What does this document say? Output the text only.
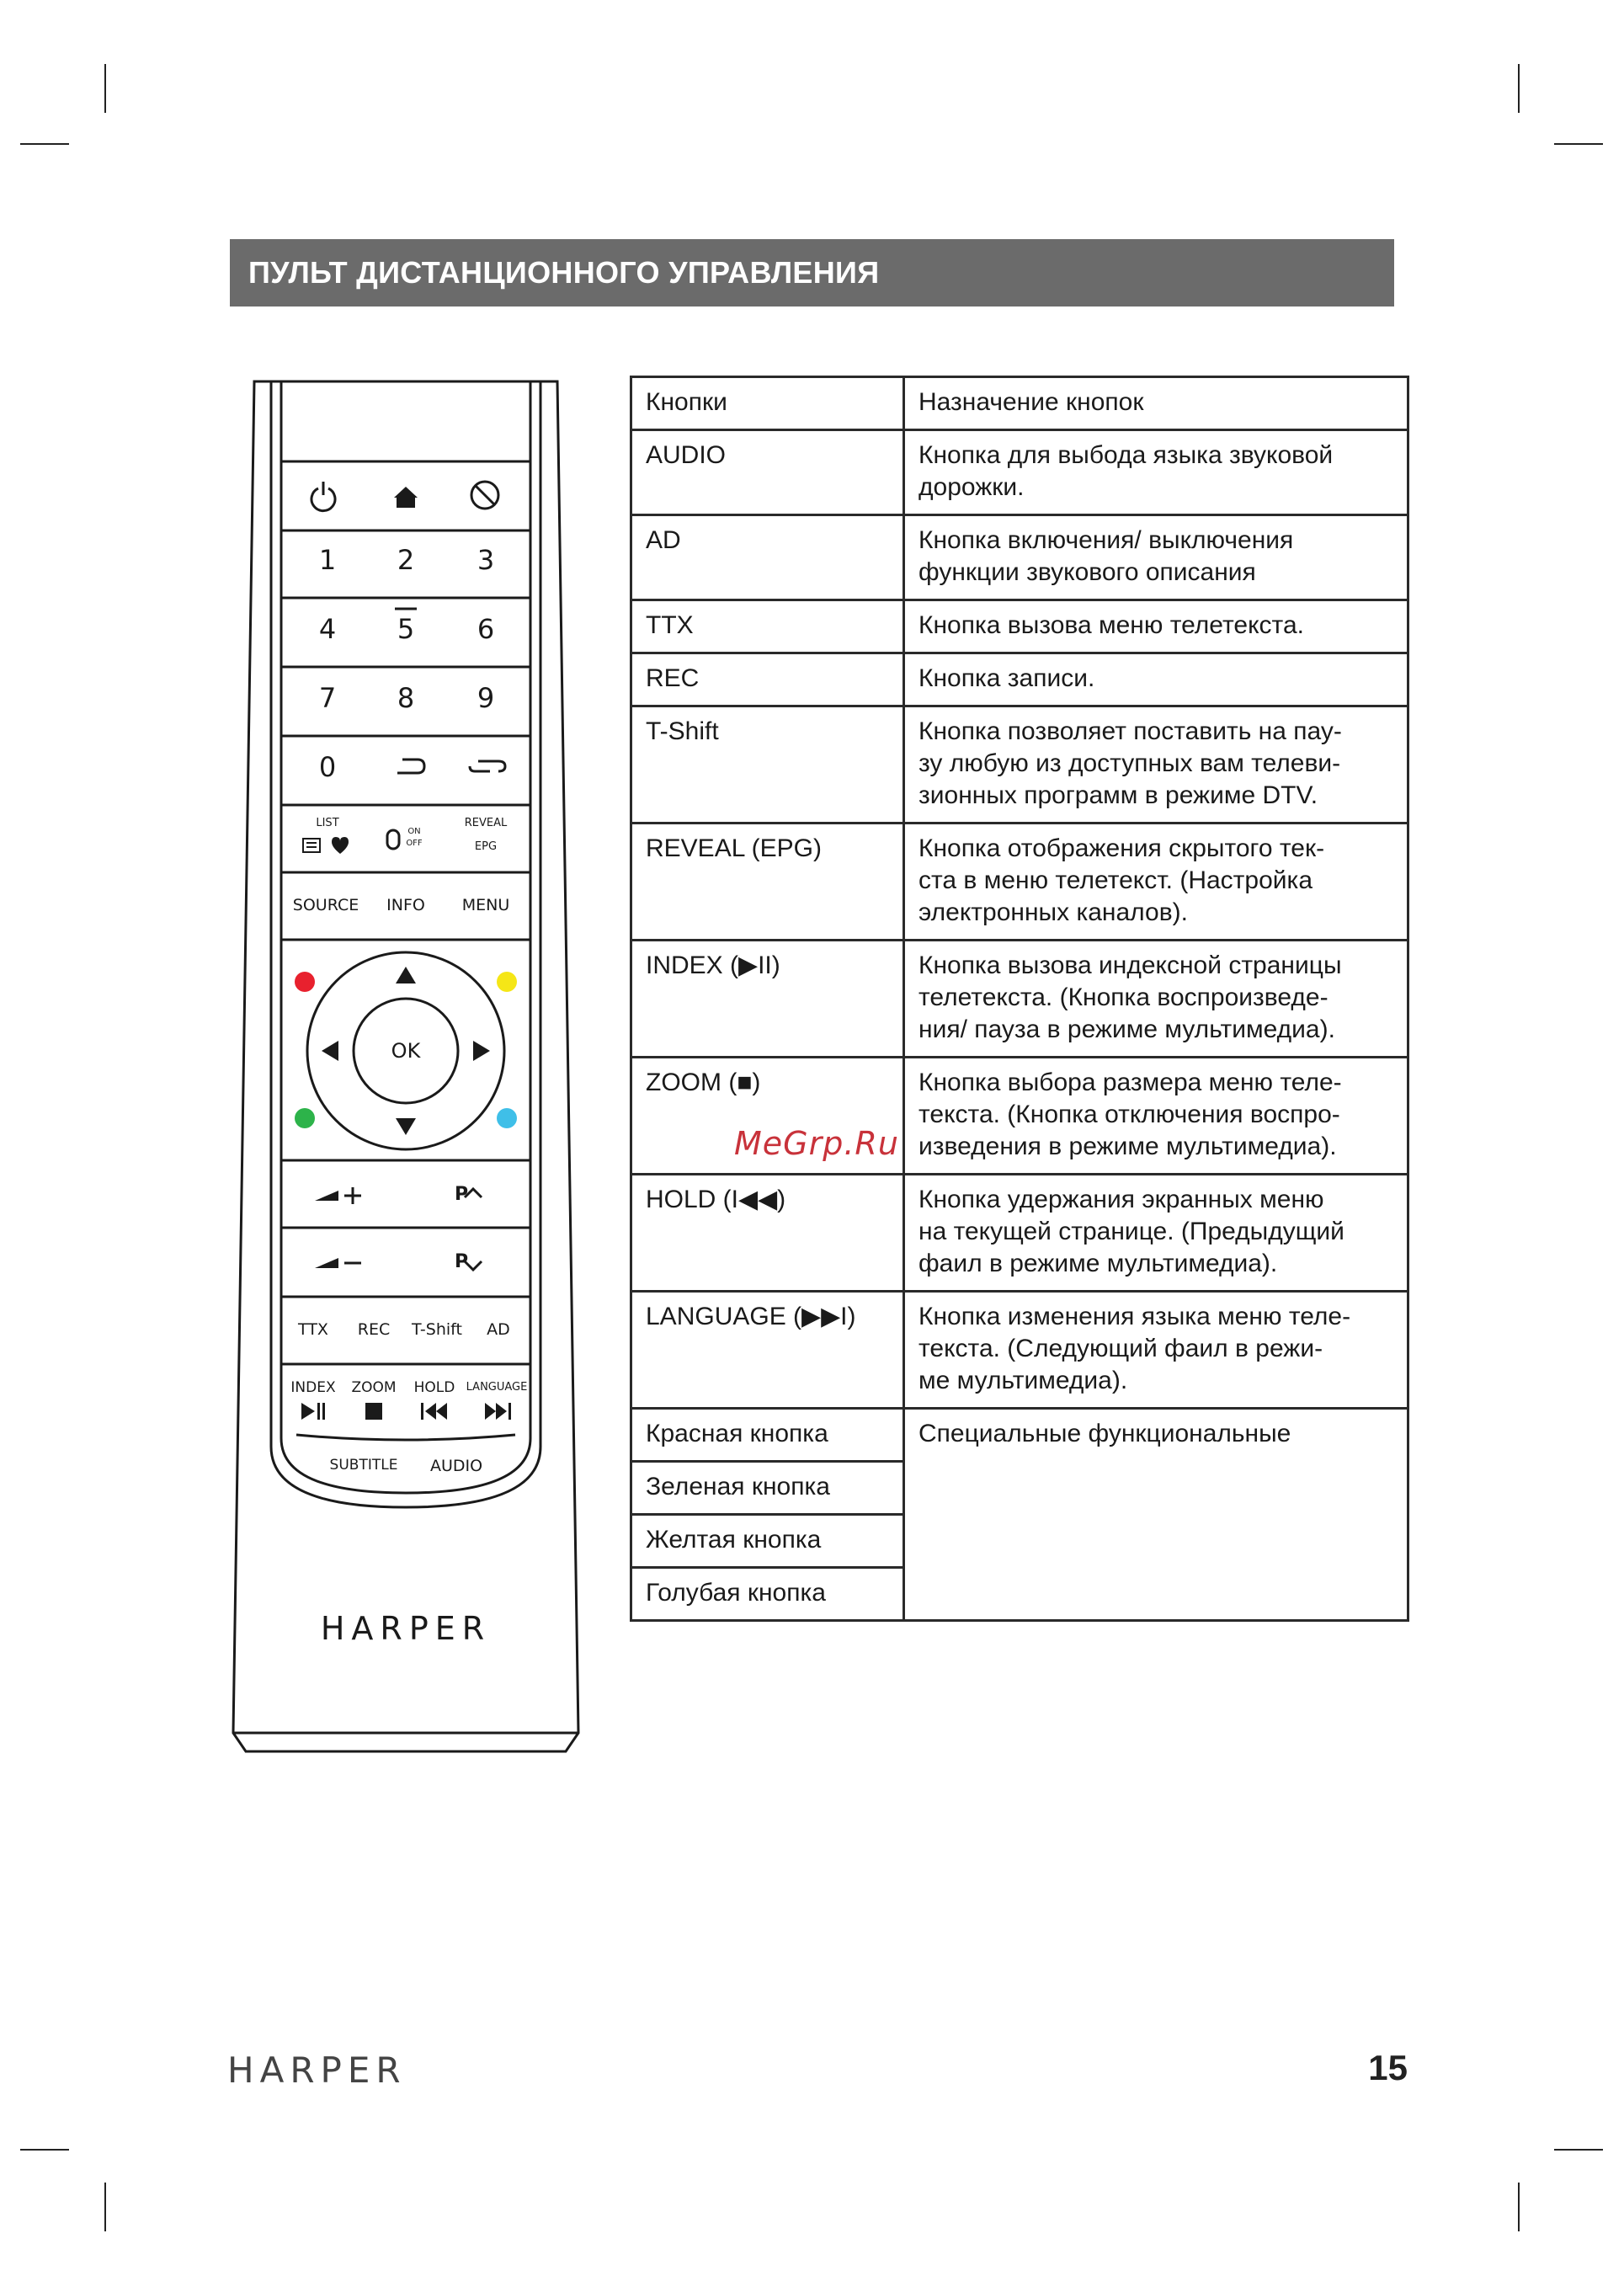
ПУЛЬТ ДИСТАНЦИОННОГО УПРАВЛЕНИЯ
1	2	3
4	5	6
7	8	9
0
LIST
ON
OFF
REVEAL
EPG
SOURCE	INFO	MENU
OK
P
P
TTX	REC	T-Shift	AD
INDEX	ZOOM	HOLD	LANGUAGE
SUBTITLE	AUDIO
HARPER
Кнопки	Назначение кнопок
AUDIO	Кнопка для выбода языка звуковой
дорожки.

AD	Кнопка включения/ выключения
функции звукового описания

TTX	Кнопка вызова меню телетекста.

REC	Кнопка записи.

T-Shift	Кнопка позволяет поставить на пау-
зу любую из доступных вам телеви-
зионных программ в режиме DTV.

REVEAL (EPG)	Кнопка отображения скрытого тек-
ста в меню телетекст. (Настройка
электронных каналов).

INDEX (▶II)	Кнопка вызова индексной страницы
телетекста. (Кнопка воспроизведе-
ния/ пауза в режиме мультимедиа).

ZOOM (■)	Кнопка выбора размера меню теле-
текста. (Кнопка отключения воспро-
изведения в режиме мультимедиа).

HOLD (I◀◀)	Кнопка удержания экранных меню
на текущей странице. (Предыдущий
фаил в режиме мультимедиа).

LANGUAGE (▶▶I)	Кнопка изменения языка меню теле-
текста. (Следующий фаил в режи-
ме мультимедиа).

Красная кнопка	Специальные функциональные
Зеленая кнопка	
Желтая кнопка	
Голубая кнопка	
MeGrp.Ru
HARPER	15
